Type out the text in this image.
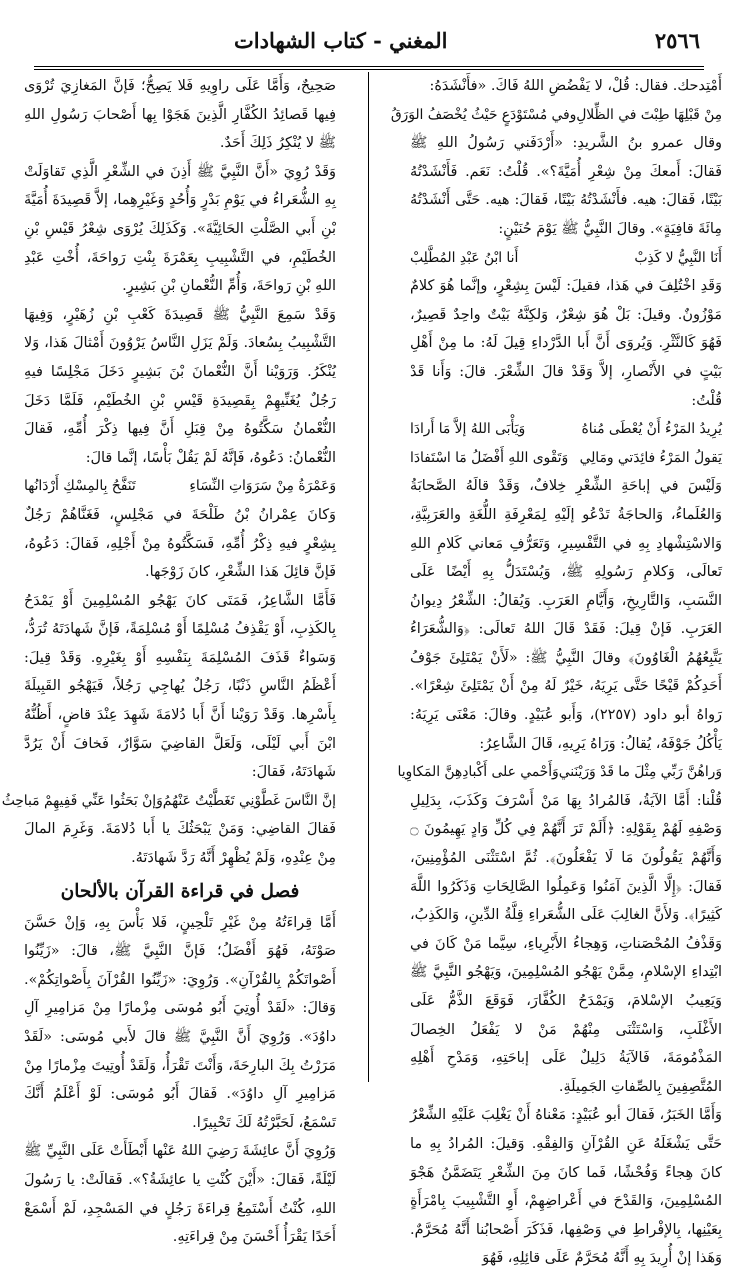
المغني - كتاب الشهادات	٢٥٦٦

أَمْتِدحك. فقال: قُلْ، لا يَفْضُضِ اللهُ فَاكَ. «فأَنْشَدَهُ:

مِنْ قَبْلِهَا طِبْتَ في الظِّلالِ
وفي مُسْتَوْدَعٍ حَيْثُ يُخْصَفُ الوَرَقُ

وقال عمرو بنُ الشَّريدِ: «أَرْدَفَني رَسُولُ اللهِ ﷺ فَقالَ: أَمعكَ مِنْ شِعْرِ أُمَيَّةَ؟». قُلْتُ: نَعَم. فَأَنْشَدْتُهُ بَيْتًا، فَقالَ: هيه. فأَنْشَدْتُهُ بَيْتًا، فَقالَ: هيه. حَتَّى أَنْشَدْتُهُ مِائَةَ قافِيَةٍ». وقالَ النَّبِيُّ ﷺ يَوْمَ حُنَيْنٍ:

أَنَا النَّبِيُّ لا كَذِبْ
أَنا ابْنُ عَبْدِ المُطَّلِبْ

وَقَدِ اخْتُلِفَ في هَذا، فقيلَ: لَيْسَ بِشِعْرٍ، وإنَّما هُوَ كلامٌ مَوْزُونٌ. وقيلَ: بَلْ هُوَ شِعْرٌ، وَلكِنَّهُ بَيْتٌ واحِدٌ قَصِيرٌ، فَهُوَ كَالنَّثْرِ. وَيُروَى أَنَّ أَبا الدَّرْداءِ قِيلَ لَهُ: ما مِنْ أَهْلِ بَيْتٍ في الأَنْصارِ، إلاَّ وَقَدْ قالَ الشِّعْرَ. قالَ: وَأَنا قَدْ قُلْتُ:

يُرِيدُ المَرْءُ أَنْ يُعْطَى مُناهُ
وَيَأْبَى اللهُ إلاَّ مَا أَرادَا
يَقولُ المَرْءُ فائِدَتي ومَالِي
وَتَقْوى اللهِ أَفْضَلُ مَا اسْتَفادَا

وَلَيْسَ في إباحَةِ الشِّعْرِ خِلافٌ، وَقَدْ قالَهُ الصَّحابَةُ وَالعُلَماءُ، وَالحاجَةُ تَدْعُو إلَيْهِ لِمَعْرِفَةِ اللُّغَةِ والعَرَبِيَّةِ، وَالاسْتِشْهادِ بِهِ في التَّفْسِيرِ، وَتَعَرُّفِ مَعاني كَلامِ اللهِ تَعالَى، وَكلامِ رَسُولِهِ ﷺ، وَيُسْتَدَلُّ بِهِ أَيْضًا عَلَى النَّسَبِ، وَالتَّارِيخِ، وَأَيَّامِ العَرَبِ. وَيُقالُ: الشِّعْرُ دِيوانُ العَرَبِ. فَإنْ قِيلَ: فَقَدْ قَالَ اللهُ تَعالَى: ﴿وَالشُّعَرَاءُ يَتَّبِعُهُمُ الْغَاوُونَ﴾ وقالَ النَّبِيُّ ﷺ: «لَأَنْ يَمْتَلِئَ جَوْفُ أَحَدِكُمْ قَيْحًا حَتَّى يَرِيَهُ، خَيْرٌ لَهُ مِنْ أَنْ يَمْتَلِئَ شِعْرًا». رَواهُ أبو داود (٢٢٥٧)، وَأَبو عُبَيْدٍ. وقالَ: مَعْنَى يَرِيَهُ: يَأْكُلُ جَوْفَهُ، يُقالُ: وَرَاهُ يَرِيهِ، قَالَ الشَّاعِرُ:

وَراهُنَّ رَبِّي مِثْلَ ما قَدْ وَرَيْنَني
وَأَحْمي على أَكْبادِهِنَّ المَكاوِيا

قُلْنا: أَمَّا الآيَةُ، فَالمُرادُ بِهَا مَنْ أَسْرَفَ وَكَذَبَ، بِدَلِيلِ وَصْفِهِ لَهُمْ بِقَوْلِهِ: ﴿أَلَمْ تَرَ أَنَّهُمْ فِي كُلِّ وَادٍ يَهِيمُونَ ۝ وَأَنَّهُمْ يَقُولُونَ مَا لَا يَفْعَلُونَ﴾. ثُمَّ اسْتَثْنَى المُؤْمِنِينَ، فَقالَ: ﴿إِلَّا الَّذِينَ آمَنُوا وَعَمِلُوا الصَّالِحَاتِ وَذَكَرُوا اللَّهَ كَثِيرًا﴾. وَلأَنَّ الغالِبَ عَلَى الشُّعَراءِ قِلَّةُ الدِّينِ، وَالكَذِبُ، وَقَذْفُ المُحْصَناتِ، وَهِجاءُ الأَبْرِياءِ، سِيَّما مَنْ كَانَ في ابْتِداءِ الإسْلامِ، مِمَّنْ يَهْجُو المُسْلِمِينَ، وَيَهْجُو النَّبِيَّ ﷺ وَيَعِيبُ الإسْلامَ، وَيَمْدَحُ الكُفَّارَ، فَوَقَعَ الذَّمُّ عَلَى الأَغْلَبِ، وَاسْتَثْنَى مِنْهُمْ مَنْ لا يَفْعَلُ الخِصالَ المَذْمُومَةَ، فَالآيَةُ دَلِيلٌ عَلَى إباحَتِهِ، وَمَدْحِ أَهْلِهِ المُتَّصِفِينَ بِالصِّفاتِ الجَمِيلَةِ.

وَأَمَّا الخَبَرُ، فَقالَ أبو عُبَيْدٍ: مَعْناهُ أَنْ يَغْلِبَ عَلَيْهِ الشِّعْرُ حَتَّى يَشْغَلَهُ عَنِ القُرْآنِ وَالفِقْهِ. وَقيلَ: المُرادُ بِهِ ما كانَ هِجاءً وَفُحْشًا، فَما كانَ مِنَ الشِّعْرِ يَتَضَمَّنُ هَجْوَ المُسْلِمِينَ، وَالقَدْحَ في أَعْراضِهِمْ، أَوِ التَّشْبِيبَ بِامْرَأَةٍ بِعَيْنِها، بِالإفْراطِ في وَصْفِها، فَذَكَرَ أَصْحابُنا أَنَّهُ مُحَرَّمٌ. وَهَذا إنْ أُرِيدَ بِهِ أَنَّهُ مُحَرَّمٌ عَلَى قائِلِهِ، فَهُوَ

صَحِيحٌ، وَأَمَّا عَلَى راوِيهِ فَلا يَصِحُّ؛ فَإنَّ المَغازِيَ تُرْوَى فِيها قَصائِدُ الكُفَّارِ الَّذِينَ هَجَوْا بِها أَصْحابَ رَسُولِ اللهِ ﷺ لا يُنْكِرُ ذَلِكَ أَحَدٌ.

وَقَدْ رُوِيَ «أَنَّ النَّبِيَّ ﷺ أَذِنَ في الشِّعْرِ الَّذِي تَقاوَلَتْ بِهِ الشُّعَراءُ في يَوْمِ بَدْرٍ وَأُحُدٍ وَغَيْرِهِما، إلاَّ قَصِيدَةَ أُمَيَّةَ بْنِ أَبي الصَّلْتِ الحَائِيَّةَ». وَكَذَلِكَ يُرْوَى شِعْرُ قَيْسِ بْنِ الخُطَيْمِ، في التَّشْبِيبِ بِعَمْرَةَ بِنْتِ رَواحَةَ، أُخْتِ عَبْدِ اللهِ بْنِ رَواحَةَ، وَأُمِّ النُّعْمانِ بْنِ بَشِيرٍ.

وَقَدْ سَمِعَ النَّبِيُّ ﷺ قَصِيدَةَ كَعْبِ بْنِ زُهَيْرٍ، وَفِيهَا التَّشْبِيبُ بِسُعادَ. وَلَمْ يَزَلِ النَّاسُ يَرْوُونَ أَمْثالَ هَذا، وَلا يُنْكَرُ. وَرَوَيْنا أَنَّ النُّعْمانَ بْنَ بَشِيرٍ دَخَلَ مَجْلِسًا فيهِ رَجُلٌ يُغَنِّيهِمْ بِقَصِيدَةِ قَيْسِ بْنِ الخُطَيْمِ، فَلَمَّا دَخَلَ النُّعْمانُ سَكَّتُوهُ مِنْ قِبَلِ أَنَّ فِيها ذِكْرَ أُمِّهِ، فَقالَ النُّعْمانُ: دَعُوهُ، فَإنَّهُ لَمْ يَقُلْ بَأْسًا، إنَّما قالَ:

وَعَمْرَةُ مِنْ سَرَوَاتِ النِّسَاءِ
تَنَفَّحُ بِالمِسْكِ أَرْدَانُها

وَكانَ عِمْرانُ بْنُ طَلْحَةَ في مَجْلِسٍ، فَغَنَّاهُمْ رَجُلٌ بِشِعْرٍ فيهِ ذِكْرُ أُمِّهِ، فَسَكَّتُوهُ مِنْ أَجْلِهِ، فَقالَ: دَعُوهُ، فَإنَّ قائِلَ هَذا الشِّعْرِ، كانَ زَوْجَها.

فَأَمَّا الشَّاعِرُ، فَمَتَى كانَ يَهْجُو المُسْلِمِينَ أَوْ يَمْدَحُ بِالكَذِبِ، أَوْ يَقْذِفُ مُسْلِمًا أَوْ مُسْلِمَةً، فَإنَّ شَهادَتَهُ تُرَدُّ، وَسَواءٌ قَذَفَ المُسْلِمَةَ بِنَفْسِهِ أَوْ بِغَيْرِهِ. وَقَدْ قِيلَ: أَعْظَمُ النَّاسِ ذَنْبًا، رَجُلٌ يُهاجِي رَجُلاً، فَيَهْجُو القَبِيلَةَ بِأَسْرِها. وَقَدْ رَوَيْنا أَنَّ أَبا دُلامَةَ شَهِدَ عِنْدَ قاضٍ، أَظُنُّهُ ابْنَ أَبي لَيْلَى، وَلَعَلَّ القاضِيَ سَوَّارٌ، فَخافَ أَنْ يَرُدَّ شَهادَتَهُ، فَقالَ:

إنَّ النَّاسَ غَطَّوْنِي تَغَطَّيْتُ عَنْهُمُ
وَإنْ بَحَثُوا عَنِّي فَفِيهِمْ مَباحِثُ

فَقالَ القاضِي: وَمَنْ يَبْحَثُكَ يا أَبا دُلامَةَ. وَغَرِمَ المالَ مِنْ عِنْدِهِ، وَلَمْ يُظْهِرْ أَنَّهُ رَدَّ شَهادَتَهُ.

فصل في قراءة القرآن بالألحان

أَمَّا قِراءَتُهُ مِنْ غَيْرِ تَلْحِينٍ، فَلا بَأْسَ بِهِ، وَإنْ حَسَّنَ صَوْتَهُ، فَهُوَ أَفْضَلُ؛ فَإنَّ النَّبِيَّ ﷺ، قالَ: «زَيِّنُوا أَصْواتَكُمْ بِالقُرْآنِ». وَرُوِيَ: «زَيِّنُوا القُرْآنَ بِأَصْواتِكُمْ». وَقالَ: «لَقَدْ أُوتِيَ أَبُو مُوسَى مِزْمارًا مِنْ مَزامِيرِ آلِ داوُدَ». وَرُوِيَ أَنَّ النَّبِيَّ ﷺ قالَ لأَبي مُوسَى: «لَقَدْ مَرَرْتُ بِكَ البارِحَةَ، وَأَنْتَ تَقْرَأُ، وَلَقَدْ أُوتِيتَ مِزْمارًا مِنْ مَزامِيرِ آلِ داوُدَ». فَقالَ أَبُو مُوسَى: لَوْ أَعْلَمُ أَنَّكَ تَسْمَعُ، لَحَبَّرْتُهُ لَكَ تَحْبِيرًا.

وَرُوِيَ أَنَّ عائِشَةَ رَضِيَ اللهُ عَنْها أَبْطَأَتْ عَلَى النَّبِيِّ ﷺ لَيْلَةً، فَقالَ: «أَيْنَ كُنْتِ يا عائِشَةُ؟». فَقالَتْ: يا رَسُولَ اللهِ، كُنْتُ أَسْتَمِعُ قِراءَةَ رَجُلٍ في المَسْجِدِ، لَمْ أَسْمَعْ أَحَدًا يَقْرَأُ أَحْسَنَ مِنْ قِراءَتِهِ.
